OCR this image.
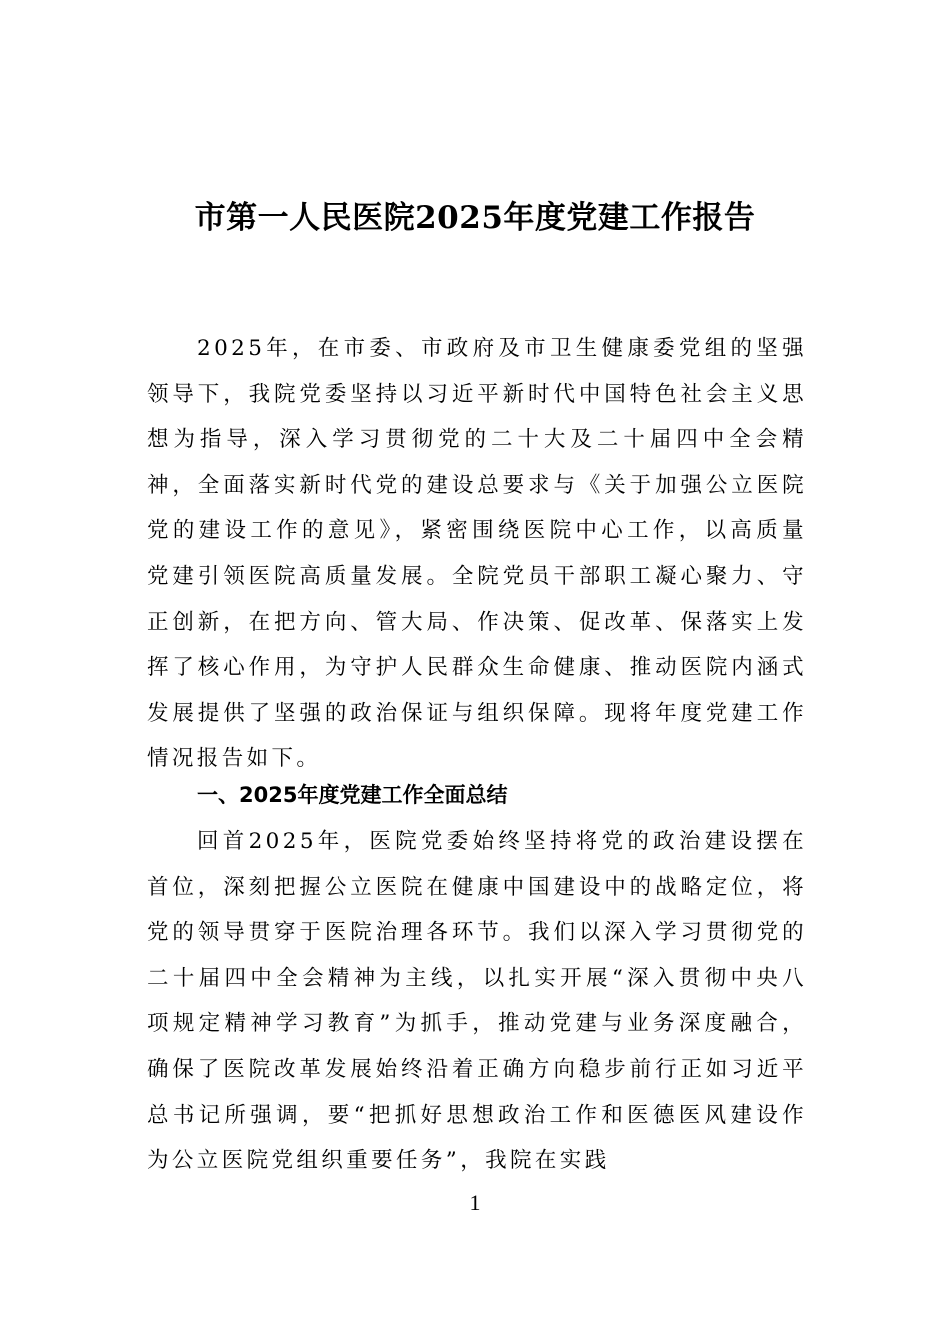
市第一人民医院2025年度党建工作报告

2025年，在市委、市政府及市卫生健康委党组的坚强领导下，我院党委坚持以习近平新时代中国特色社会主义思想为指导，深入学习贯彻党的二十大及二十届四中全会精神，全面落实新时代党的建设总要求与《关于加强公立医院党的建设工作的意见》，紧密围绕医院中心工作，以高质量党建引领医院高质量发展。全院党员干部职工凝心聚力、守正创新，在把方向、管大局、作决策、促改革、保落实上发挥了核心作用，为守护人民群众生命健康、推动医院内涵式发展提供了坚强的政治保证与组织保障。现将年度党建工作情况报告如下。

一、2025年度党建工作全面总结

回首2025年，医院党委始终坚持将党的政治建设摆在首位，深刻把握公立医院在健康中国建设中的战略定位，将党的领导贯穿于医院治理各环节。我们以深入学习贯彻党的二十届四中全会精神为主线，以扎实开展“深入贯彻中央八项规定精神学习教育”为抓手，推动党建与业务深度融合，确保了医院改革发展始终沿着正确方向稳步前行正如习近平总书记所强调，要“把抓好思想政治工作和医德医风建设作为公立医院党组织重要任务”，我院在实践

1
